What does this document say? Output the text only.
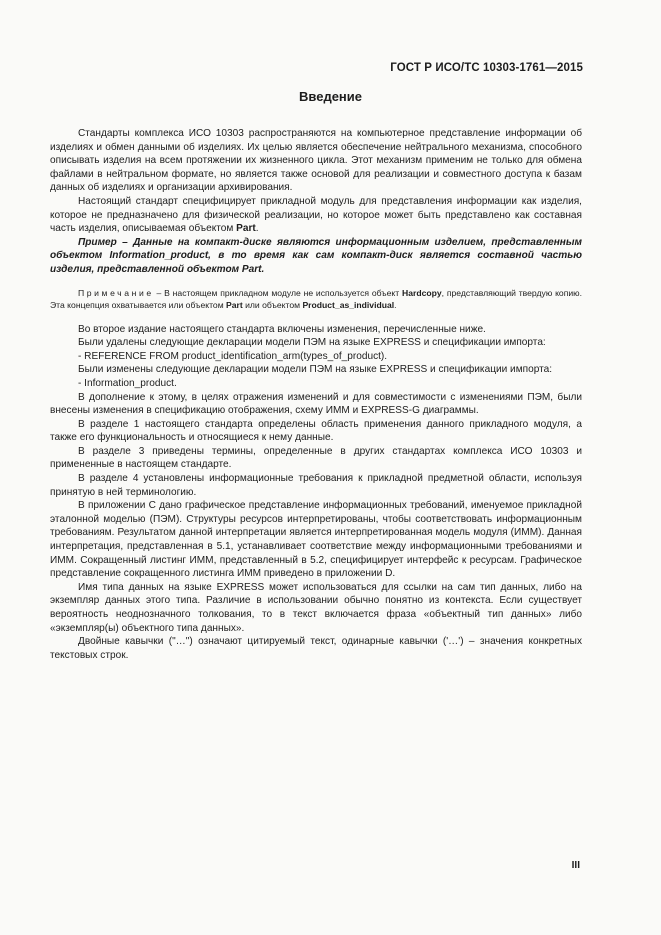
ГОСТ Р ИСО/ТС 10303-1761—2015
Введение

Стандарты комплекса ИСО 10303 распространяются на компьютерное представление информации об изделиях и обмен данными об изделиях. Их целью является обеспечение нейтрального механизма, способного описывать изделия на всем протяжении их жизненного цикла. Этот механизм применим не только для обмена файлами в нейтральном формате, но является также основой для реализации и совместного доступа к базам данных об изделиях и организации архивирования.

Настоящий стандарт специфицирует прикладной модуль для представления информации как изделия, которое не предназначено для физической реализации, но которое может быть представлено как составная часть изделия, описываемая объектом Part.

Пример – Данные на компакт-диске являются информационным изделием, представленным объектом Information_product, в то время как сам компакт-диск является составной частью изделия, представленной объектом Part.

Примечание – В настоящем прикладном модуле не используется объект Hardcopy, представляющий твердую копию. Эта концепция охватывается или объектом Part или объектом Product_as_individual.

Во второе издание настоящего стандарта включены изменения, перечисленные ниже.

Были удалены следующие декларации модели ПЭМ на языке EXPRESS и спецификации импорта:

- REFERENCE FROM product_identification_arm(types_of_product).

Были изменены следующие декларации модели ПЭМ на языке EXPRESS и спецификации импорта:

- Information_product.

В дополнение к этому, в целях отражения изменений и для совместимости с изменениями ПЭМ, были внесены изменения в спецификацию отображения, схему ИММ и EXPRESS-G диаграммы.

В разделе 1 настоящего стандарта определены область применения данного прикладного модуля, а также его функциональность и относящиеся к нему данные.

В разделе 3 приведены термины, определенные в других стандартах комплекса ИСО 10303 и примененные в настоящем стандарте.

В разделе 4 установлены информационные требования к прикладной предметной области, используя принятую в ней терминологию.

В приложении C дано графическое представление информационных требований, именуемое прикладной эталонной моделью (ПЭМ). Структуры ресурсов интерпретированы, чтобы соответствовать информационным требованиям. Результатом данной интерпретации является интерпретированная модель модуля (ИММ). Данная интерпретация, представленная в 5.1, устанавливает соответствие между информационными требованиями и ИММ. Сокращенный листинг ИММ, представленный в 5.2, специфицирует интерфейс к ресурсам. Графическое представление сокращенного листинга ИММ приведено в приложении D.

Имя типа данных на языке EXPRESS может использоваться для ссылки на сам тип данных, либо на экземпляр данных этого типа. Различие в использовании обычно понятно из контекста. Если существует вероятность неоднозначного толкования, то в текст включается фраза «объектный тип данных» либо «экземпляр(ы) объектного типа данных».

Двойные кавычки ("…") означают цитируемый текст, одинарные кавычки ('…') – значения конкретных текстовых строк.

III
